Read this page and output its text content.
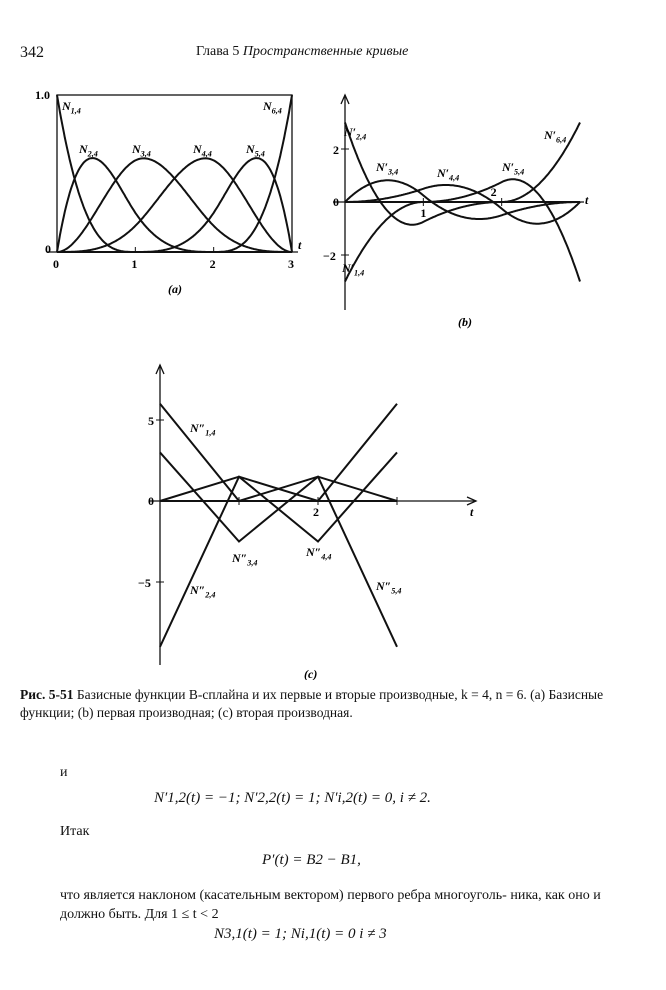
342	Глава 5 Пространственные кривые
0	1	2	3
1.0
0	t
$N_{1,4}$
$N_{2,4}$	$N_{3,4}$	$N_{4,4}$	$N_{5,4}$
$N_{6,4}$
(a)
2
0
−2
1
2
t
$N'_{1,4}$
$N'_{2,4}$
$N'_{3,4}$	$N'_{4,4}$
$N'_{5,4}$
$N'_{6,4}$
(b)
5
0
−5
2	t
$N''_{1,4}$
$N''_{2,4}$
$N''_{3,4}$
$N''_{4,4}$
$N''_{5,4}$
(c)
Рис. 5-51 Базисные функции B-сплайна и их первые и вторые производные, k = 4, n = 6. (a) Базисные функции; (b) первая производная; (c) вторая производная.
и
N′1,2(t) = −1; N′2,2(t) = 1; N′i,2(t) = 0, i ≠ 2.
Итак
P′(t) = B2 − B1,
что является наклоном (касательным вектором) первого ребра многоуголь- ника, как оно и должно быть. Для 1 ≤ t < 2
N3,1(t) = 1; Ni,1(t) = 0 i ≠ 3
